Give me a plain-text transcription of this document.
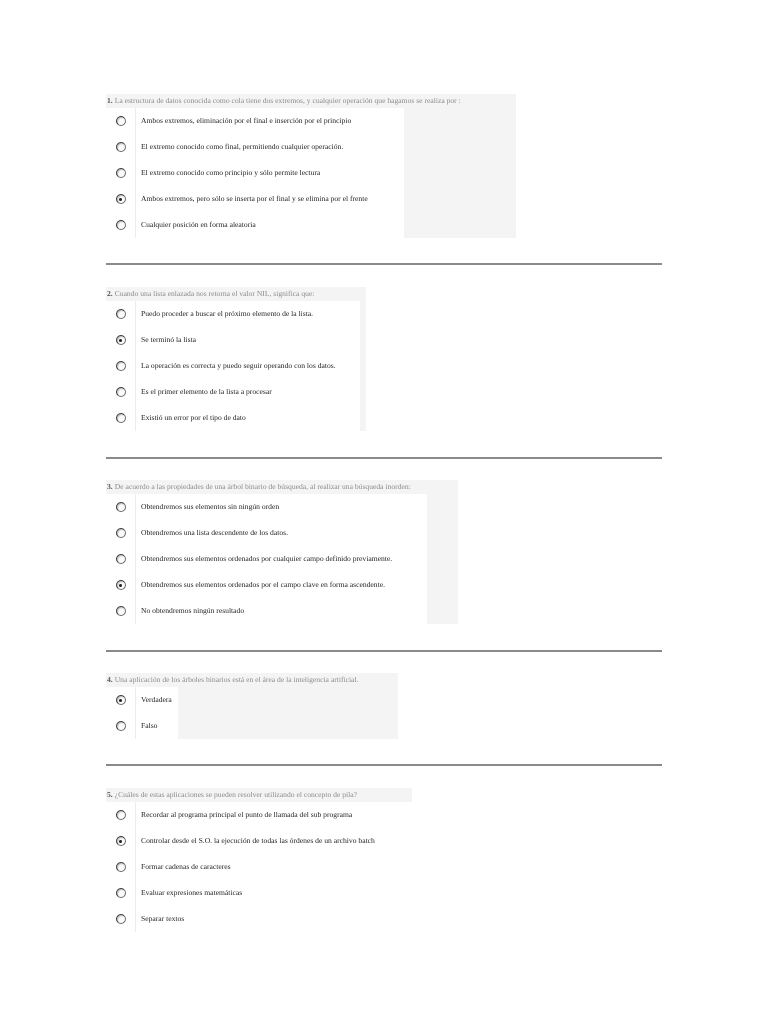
1. La estructura de datos conocida como cola tiene dos extremos, y cualquier operación que hagamos se realiza por :
Ambos extremos, eliminación por el final e inserción por el principio
El extremo conocido como final, permitiendo cualquier operación.
El extremo conocido como principio y sólo permite lectura
Ambos extremos, pero sólo se inserta por el final y se elimina por el frente
Cualquier posición en forma aleatoria
2. Cuando una lista enlazada nos retorna el valor NIL, significa que:
Puedo proceder a buscar el próximo elemento de la lista.
Se terminó la lista
La operación es correcta y puedo seguir operando con los datos.
Es el primer elemento de la lista a procesar
Existió un error por el tipo de dato
3. De acuerdo a las propiedades de una árbol binario de búsqueda, al realizar una búsqueda inorden:
Obtendremos sus elementos sin ningún orden
Obtendremos una lista descendente de los datos.
Obtendremos sus elementos ordenados por cualquier campo definido previamente.
Obtendremos sus elementos ordenados por el campo clave en forma ascendente.
No obtendremos ningún resultado
4. Una aplicación de los árboles binarios está en el área de la inteligencia artificial.
Verdadera
Falso
5. ¿Cuáles de estas aplicaciones se pueden resolver utilizando el concepto de pila?
Recordar al programa principal el punto de llamada del sub programa
Controlar desde el S.O. la ejecución de todas las órdenes de un archivo batch
Formar cadenas de caracteres
Evaluar expresiones matemáticas
Separar textos
